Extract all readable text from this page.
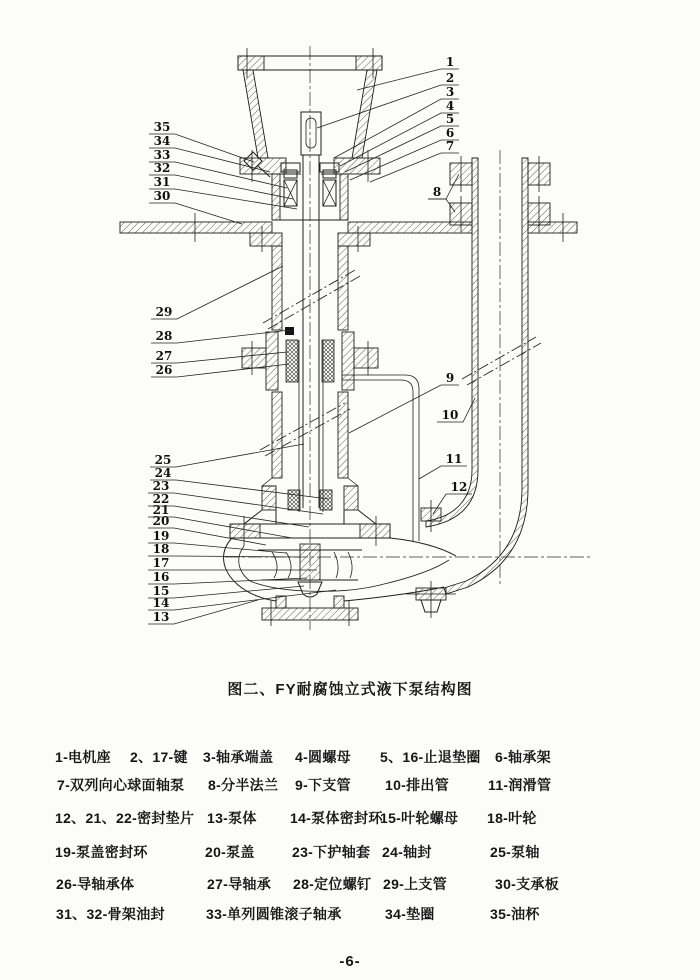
1
2
3
4
5
6
7
8
9
10
11
12
13
14
15
16
17
18
19
20
21
22
23
24
25
26
27
28
29
30
31
32
33
34
35
图二、FY耐腐蚀立式液下泵结构图
1-电机座 2、17-键 3-轴承端盖 4-圆螺母 5、16-止退垫圈 6-轴承架
7-双列向心球面轴泵 8-分半法兰 9-下支管 10-排出管	11-润滑管
12、21、22-密封垫片 13-泵体 14-泵体密封环
15-叶轮螺母 18-叶轮
19-泵盖密封环	20-泵盖	23-下护轴套 24-轴封	25-泵轴
26-导轴承体	27-导轴承 28-定位螺钉 29-上支管	30-支承板
31、32-骨架油封	33-单列圆锥滚子轴承	34-垫圈	35-油杯
-6-
